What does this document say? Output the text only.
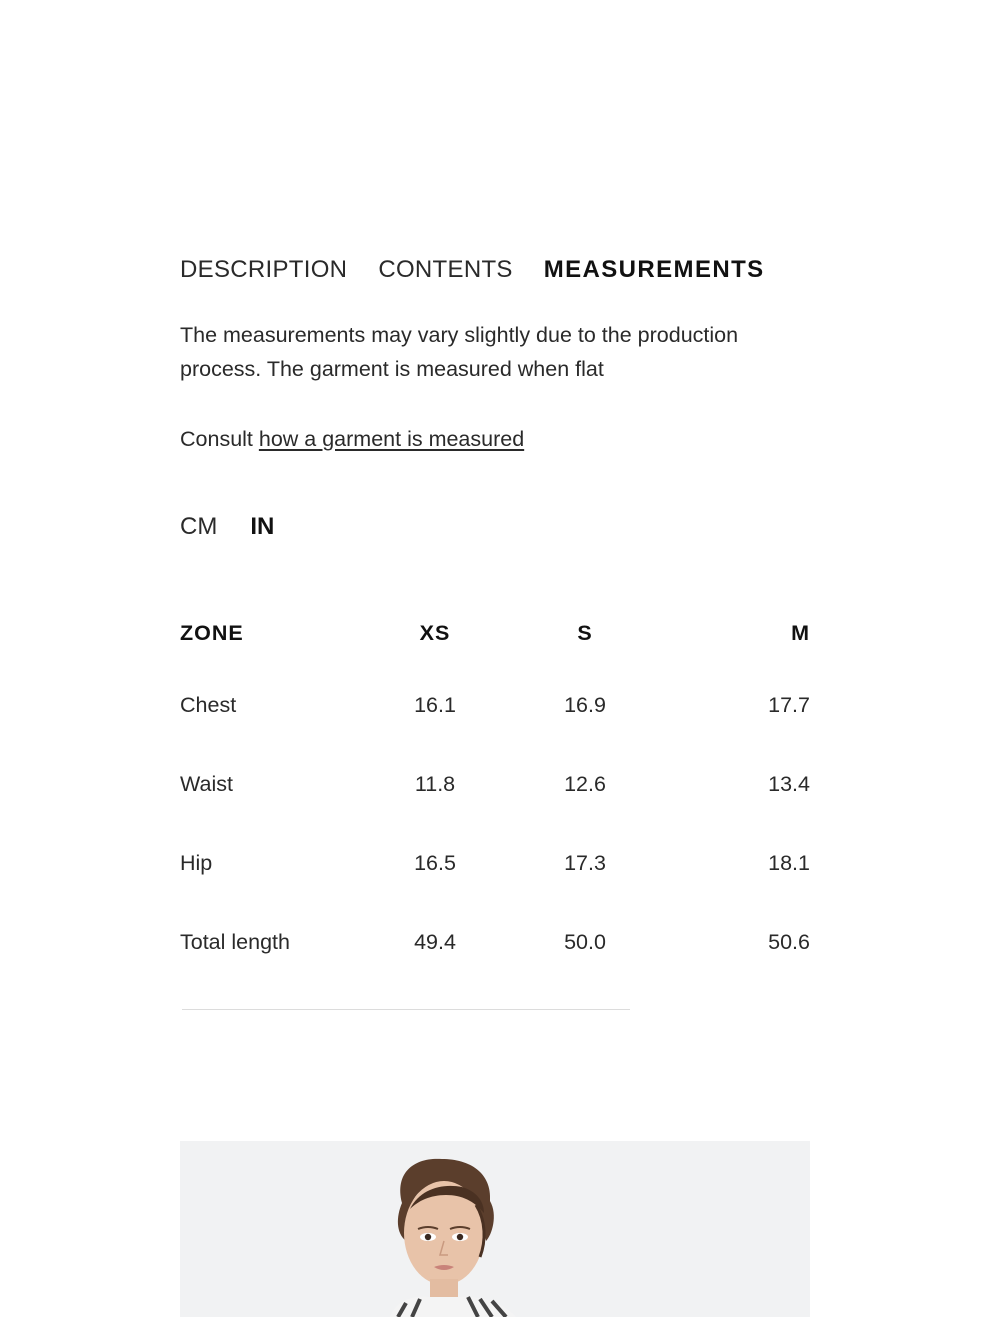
DESCRIPTION CONTENTS MEASUREMENTS
The measurements may vary slightly due to the production process. The garment is measured when flat
Consult how a garment is measured
CM IN
ZONE	XS	S	M
Chest	16.1	16.9	17.7
Waist	11.8	12.6	13.4
Hip	16.5	17.3	18.1
Total length	49.4	50.0	50.6
